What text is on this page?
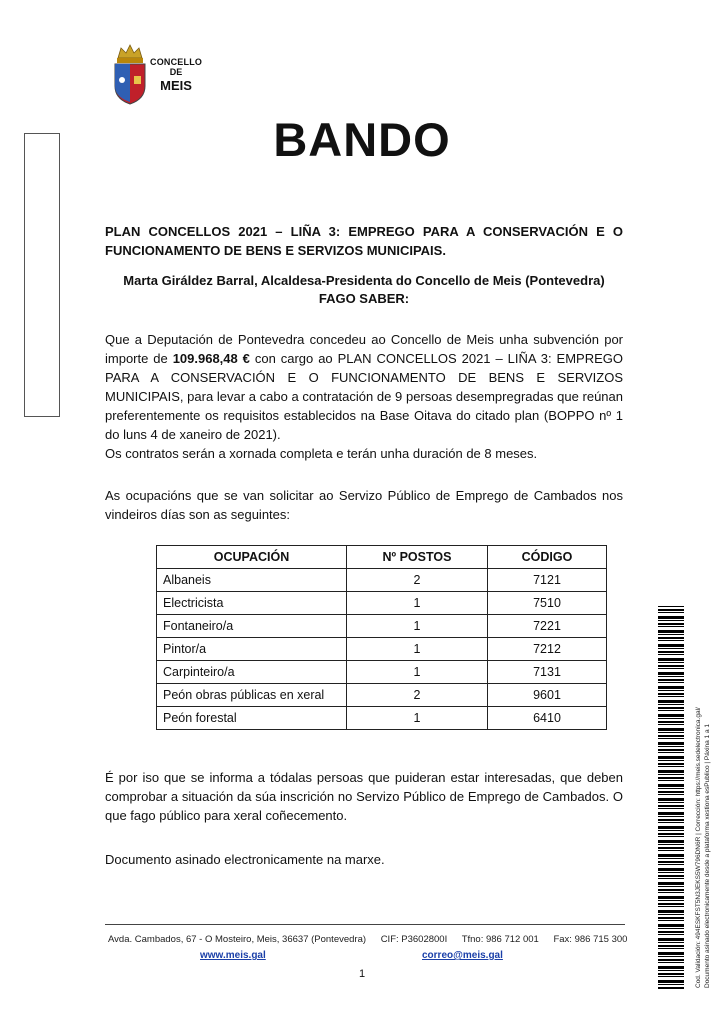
CONCELLO
DE
MEIS
BANDO
PLAN CONCELLOS 2021 – LIÑA 3: EMPREGO PARA A CONSERVACIÓN E O
FUNCIONAMENTO DE BENS E SERVIZOS MUNICIPAIS.
Marta Giráldez Barral, Alcaldesa-Presidenta do Concello de Meis (Pontevedra)
FAGO SABER:
Que a Deputación de Pontevedra concedeu ao Concello de Meis unha subvención por importe de 109.968,48 € con cargo ao PLAN CONCELLOS 2021 – LIÑA 3: EMPREGO PARA A CONSERVACIÓN E O FUNCIONAMENTO DE BENS E SERVIZOS MUNICIPAIS, para levar a cabo a contratación de 9 persoas desempregradas que reúnan preferentemente os requisitos establecidos na Base Oitava do citado plan (BOPPO nº 1 do luns 4 de xaneiro de 2021).
Os contratos serán a xornada completa e terán unha duración de 8 meses.
As ocupacións que se van solicitar ao Servizo Público de Emprego de Cambados nos vindeiros días son as seguintes:
OCUPACIÓN	Nº POSTOS	CÓDIGO
Albaneis	2	7121
Electricista	1	7510
Fontaneiro/a	1	7221
Pintor/a	1	7212
Carpinteiro/a	1	7131
Peón obras públicas en xeral	2	9601
Peón forestal	1	6410
É por iso que se informa a tódalas persoas que puideran estar interesadas, que deben comprobar a situación da súa inscrición no Servizo Público de Emprego de Cambados. O que fago público para xeral coñecemento.
Documento asinado electronicamente na marxe.
Avda. Cambados, 67 - O Mosteiro, Meis, 36637 (Pontevedra) CIF: P3602800I Tfno: 986 712 001 Fax: 986 715 300
www.meis.gal	correo@meis.gal
1	Cod. Validación: 494ESKFST5N3JEKS5W796DN6R | Corrección: https://meis.sedelectronica.gal/ Documento asinado electronicamente desde a plataforma xestiona esPublico | Páxina 1 a 1
